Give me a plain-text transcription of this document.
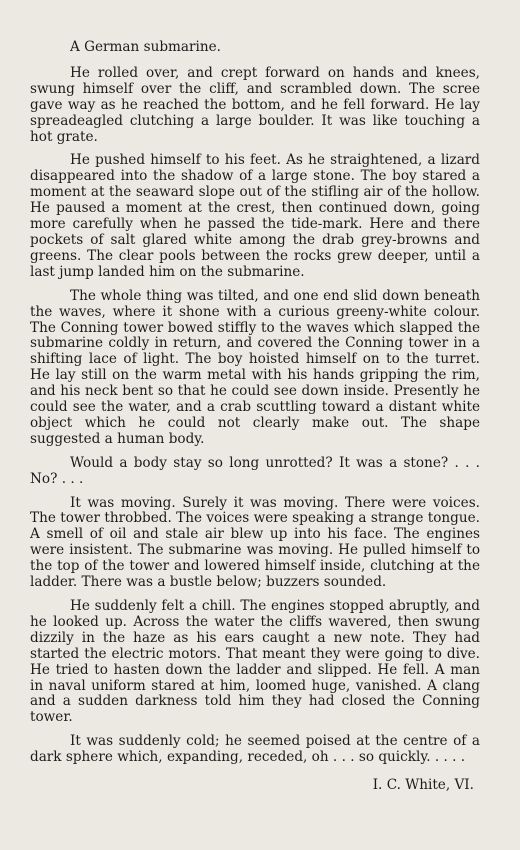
A German submarine.

He rolled over, and crept forward on hands and knees, swung himself over the cliff, and scrambled down. The scree gave way as he reached the bottom, and he fell forward. He lay spreadeagled clutching a large boulder. It was like touching a hot grate.

He pushed himself to his feet. As he straightened, a lizard disappeared into the shadow of a large stone. The boy stared a moment at the seaward slope out of the stifling air of the hollow. He paused a moment at the crest, then continued down, going more carefully when he passed the tide-mark. Here and there pockets of salt glared white among the drab grey-browns and greens. The clear pools between the rocks grew deeper, until a last jump landed him on the submarine.

The whole thing was tilted, and one end slid down beneath the waves, where it shone with a curious greeny-white colour. The Conning tower bowed stiffly to the waves which slapped the submarine coldly in return, and covered the Conning tower in a shifting lace of light. The boy hoisted himself on to the turret. He lay still on the warm metal with his hands gripping the rim, and his neck bent so that he could see down inside. Presently he could see the water, and a crab scuttling toward a distant white object which he could not clearly make out. The shape suggested a human body.

Would a body stay so long unrotted? It was a stone? . . . No? . . .

It was moving. Surely it was moving. There were voices. The tower throbbed. The voices were speaking a strange tongue. A smell of oil and stale air blew up into his face. The engines were insistent. The submarine was moving. He pulled himself to the top of the tower and lowered himself inside, clutching at the ladder. There was a bustle below; buzzers sounded.

He suddenly felt a chill. The engines stopped abruptly, and he looked up. Across the water the cliffs wavered, then swung dizzily in the haze as his ears caught a new note. They had started the electric motors. That meant they were going to dive. He tried to hasten down the ladder and slipped. He fell. A man in naval uniform stared at him, loomed huge, vanished. A clang and a sudden darkness told him they had closed the Conning tower.

It was suddenly cold; he seemed poised at the centre of a dark sphere which, expanding, receded, oh . . . so quickly. . . . .

I. C. White, VI.
